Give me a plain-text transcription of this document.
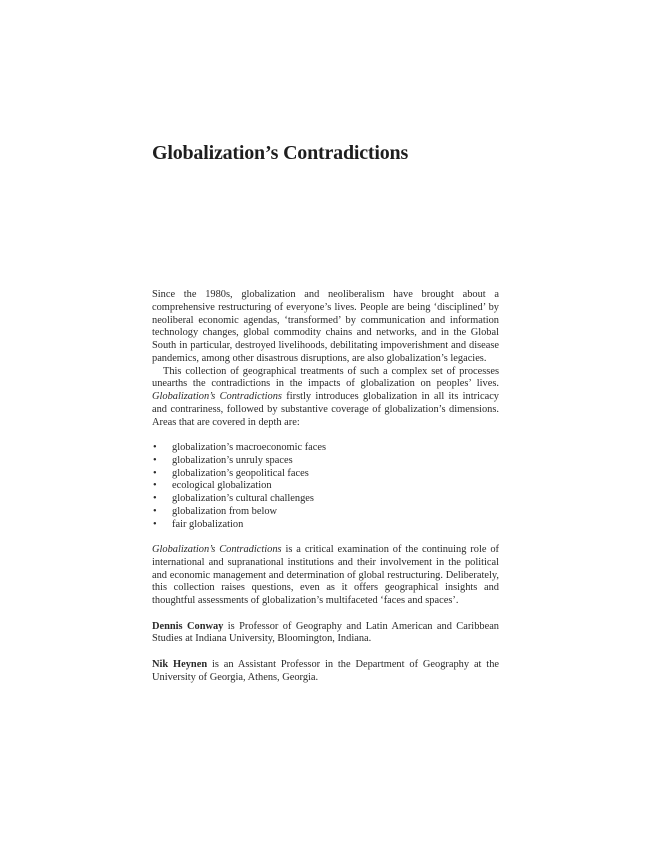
Globalization’s Contradictions

Since the 1980s, globalization and neoliberalism have brought about a comprehensive restructuring of everyone’s lives. People are being ‘disciplined’ by neoliberal economic agendas, ‘transformed’ by communication and information technology changes, global commodity chains and networks, and in the Global South in particular, destroyed livelihoods, debilitating impoverishment and disease pandemics, among other disastrous disruptions, are also globalization’s legacies.

This collection of geographical treatments of such a complex set of processes unearths the contradictions in the impacts of globalization on peoples’ lives. Globalization’s Contradictions firstly introduces globalization in all its intricacy and contrariness, followed by substantive coverage of globalization’s dimensions. Areas that are covered in depth are:

• globalization’s macroeconomic faces
• globalization’s unruly spaces
• globalization’s geopolitical faces
• ecological globalization
• globalization’s cultural challenges
• globalization from below
• fair globalization

Globalization’s Contradictions is a critical examination of the continuing role of international and supranational institutions and their involvement in the political and economic management and determination of global restructuring. Deliberately, this collection raises questions, even as it offers geographical insights and thoughtful assessments of globalization’s multifaceted ‘faces and spaces’.

Dennis Conway is Professor of Geography and Latin American and Caribbean Studies at Indiana University, Bloomington, Indiana.

Nik Heynen is an Assistant Professor in the Department of Geography at the University of Georgia, Athens, Georgia.
